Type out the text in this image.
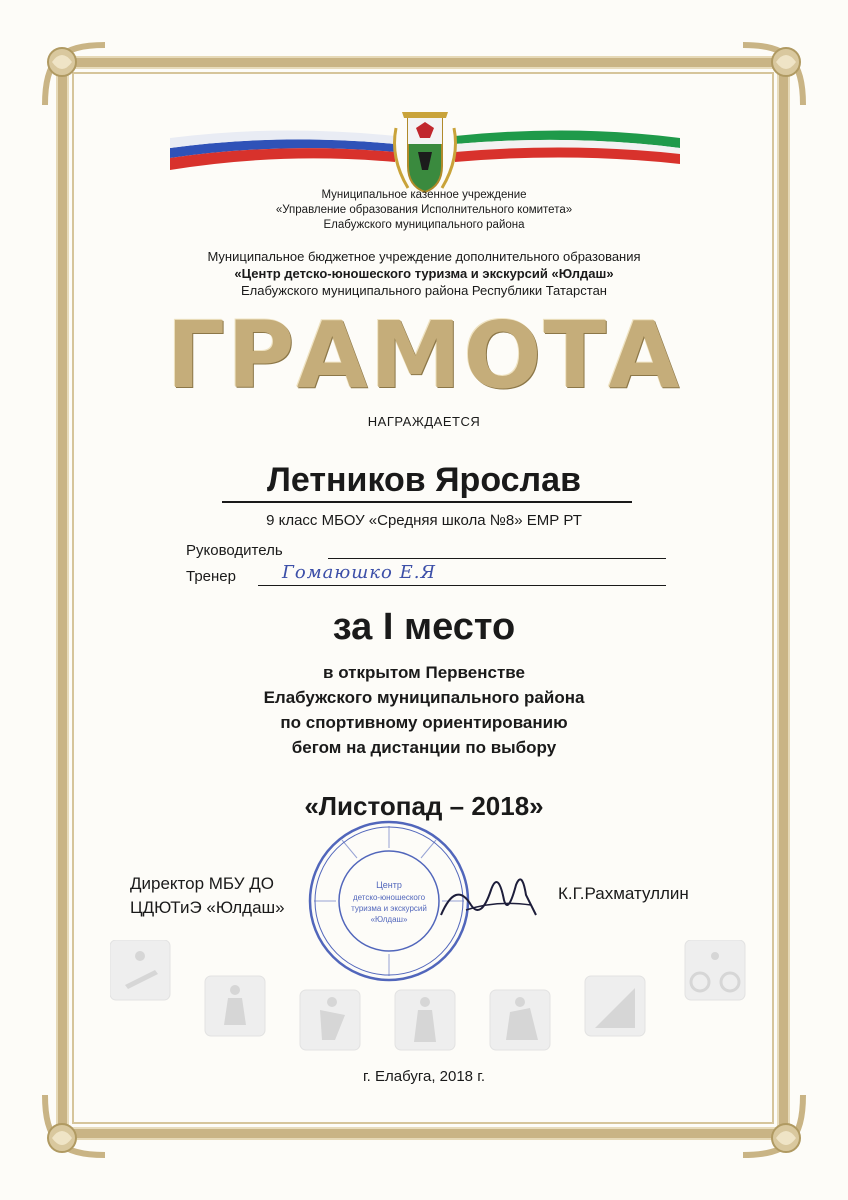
Муниципальное казенное учреждение
«Управление образования Исполнительного комитета»
Елабужского муниципального района
Муниципальное бюджетное учреждение дополнительного образования
«Центр детско-юношеского туризма и экскурсий «Юлдаш»
Елабужского муниципального района Республики Татарстан
ГРАМОТА
НАГРАЖДАЕТСЯ
Летников Ярослав
9 класс МБОУ «Средняя школа №8» ЕМР РТ
Руководитель
Тренер	Гомаюшко Е.Я
за I место
в открытом Первенстве
Елабужского муниципального района
по спортивному ориентированию
бегом на дистанции по выбору
«Листопад – 2018»
Директор МБУ ДО
ЦДЮТиЭ «Юлдаш»
К.Г.Рахматуллин
Центр
детско-юношеского
туризма и экскурсий
«Юлдаш»
г. Елабуга, 2018 г.
